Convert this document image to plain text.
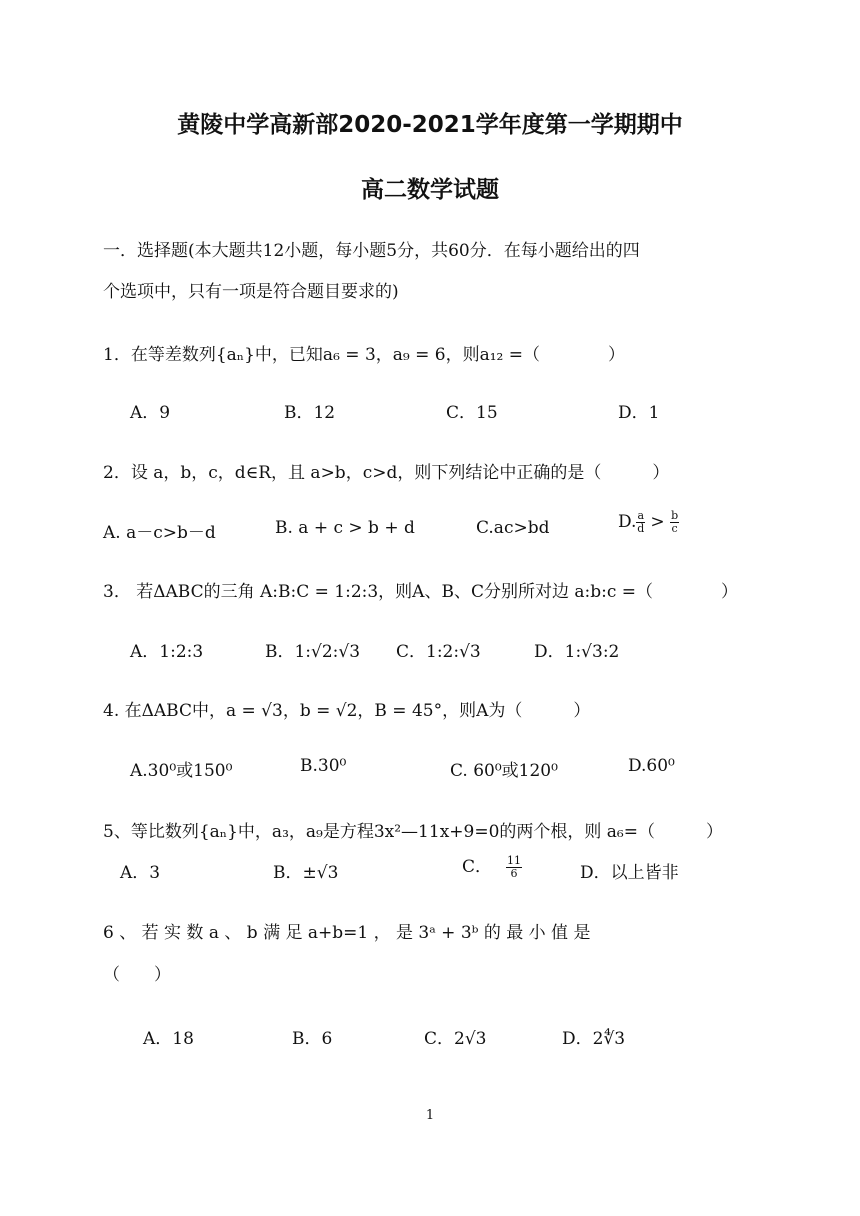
黄陵中学高新部2020-2021学年度第一学期期中
高二数学试题
一．选择题(本大题共12小题，每小题5分，共60分．在每小题给出的四
个选项中，只有一项是符合题目要求的)
1．在等差数列{aₙ}中，已知a₆ = 3，a₉ = 6，则a₁₂ =（　　　　）
A．9	B．12	C．15	D．1
2．设 a，b，c，d∈R，且 a>b，c>d，则下列结论中正确的是（　　　）
A. a－c>b－d	B. a + c > b + d	C.ac>bd	D. $\frac{a}{d} > \frac{b}{c}$
3． 若ΔABC的三角 A:B:C = 1:2:3，则A、B、C分别所对边 a:b:c =（　　　　）
A．1:2:3	B．1:√2:√3 C．1:2:√3	D．1:√3:2
4. 在ΔABC中，a = √3，b = √2，B = 45°，则A为（　　　）
A.30⁰或150⁰	B.30⁰	C. 60⁰或120⁰	D.60⁰
5、等比数列{aₙ}中，a₃，a₉是方程3x²—11x+9=0的两个根，则 a₆=（　　　）
A．3	B．±√3	C． $\frac{11}{6}$	D．以上皆非
6 、 若 实 数 a 、 b 满 足 a+b=1 ， 是 3ᵃ + 3ᵇ 的 最 小 值 是
（　　）
A．18	B．6	C．2√3	D．2∜3
1
